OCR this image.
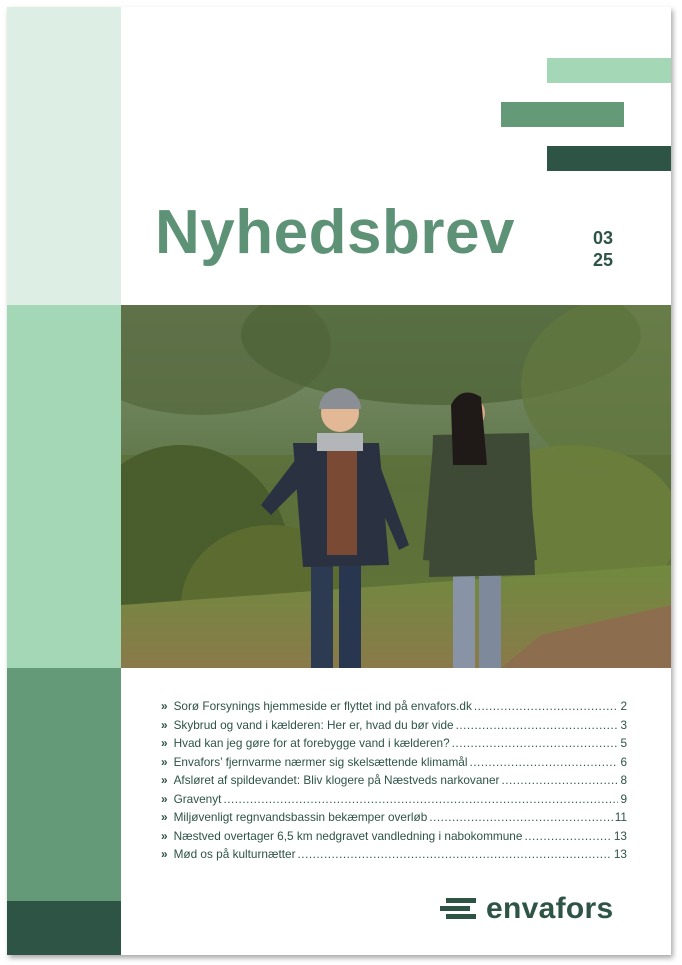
Nyhedsbrev	03
25
» Sorø Forsynings hjemmeside er flyttet ind på envafors.dk .....	2
» Skybrud og vand i kælderen: Her er, hvad du bør vide .....	3
» Hvad kan jeg gøre for at forebygge vand i kælderen? .....	5
» Envafors’ fjernvarme nærmer sig skelsættende klimamål .....	6
» Afsløret af spildevandet: Bliv klogere på Næstveds narkovaner .....	8
» Gravenyt .....	9
» Miljøvenligt regnvandsbassin bekæmper overløb .....	11
» Næstved overtager 6,5 km nedgravet vandledning i nabokommune .....	13
» Mød os på kulturnætter .....	13
envafors
